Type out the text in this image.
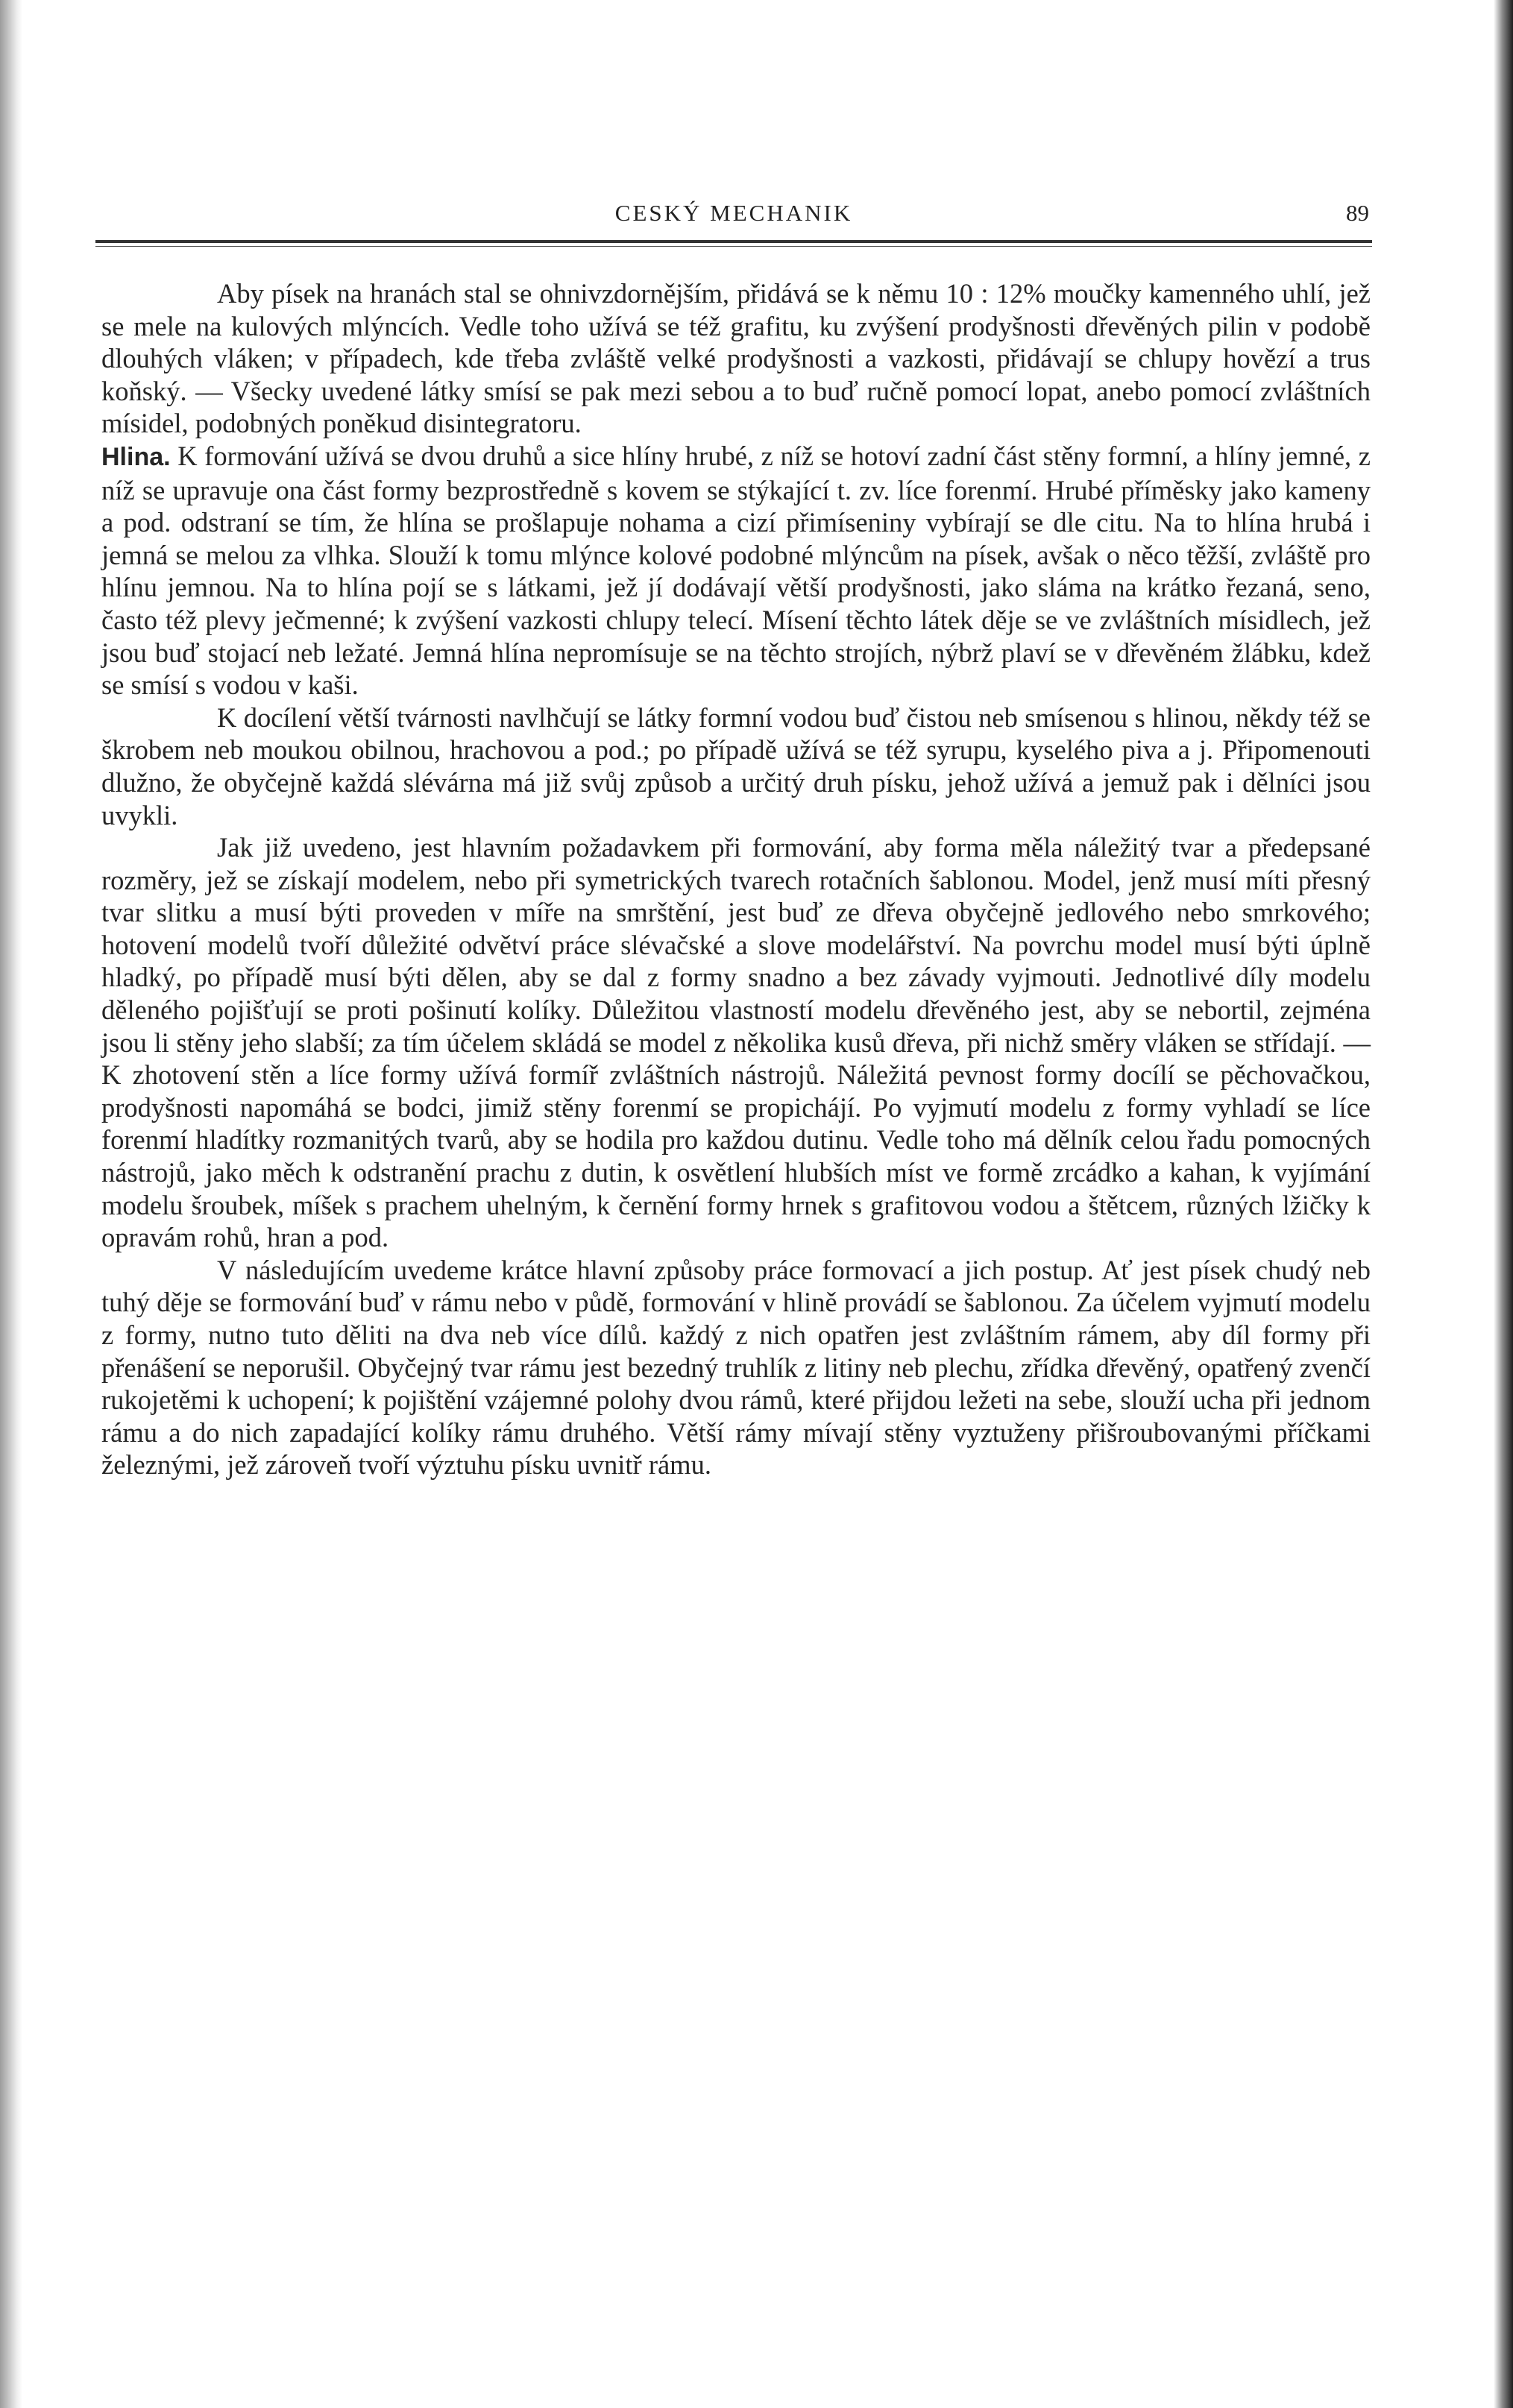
CESKÝ MECHANIK	89

Aby písek na hranách stal se ohnivzdornějším, přidává se k němu 10 : 12% moučky kamenného uhlí, jež se mele na kulových mlýncích. Vedle toho užívá se též grafitu, ku zvýšení prodyšnosti dřevěných pilin v podobě dlouhých vláken; v případech, kde třeba zvláště velké prodyšnosti a vazkosti, přidávají se chlupy hovězí a trus koňský. — Všecky uvedené látky smísí se pak mezi sebou a to buď ručně pomocí lopat, anebo pomocí zvláštních mísidel, podobných poněkud disintegratoru.

Hlina. K formování užívá se dvou druhů a sice hlíny hrubé, z níž se hotoví zadní část stěny formní, a hlíny jemné, z níž se upravuje ona část formy bezprostředně s kovem se stýkající t. zv. líce forenmí. Hrubé příměsky jako kameny a pod. odstraní se tím, že hlína se prošlapuje nohama a cizí přimíseniny vybírají se dle citu. Na to hlína hrubá i jemná se melou za vlhka. Slouží k tomu mlýnce kolové podobné mlýncům na písek, avšak o něco těžší, zvláště pro hlínu jemnou. Na to hlína pojí se s látkami, jež jí dodávají větší prodyšnosti, jako sláma na krátko řezaná, seno, často též plevy ječmenné; k zvýšení vazkosti chlupy telecí. Mísení těchto látek děje se ve zvláštních mísidlech, jež jsou buď stojací neb ležaté. Jemná hlína nepromísuje se na těchto strojích, nýbrž plaví se v dřevěném žlábku, kdež se smísí s vodou v kaši.

K docílení větší tvárnosti navlhčují se látky formní vodou buď čistou neb smísenou s hlinou, někdy též se škrobem neb moukou obilnou, hrachovou a pod.; po případě užívá se též syrupu, kyselého piva a j. Připomenouti dlužno, že obyčejně každá slévárna má již svůj způsob a určitý druh písku, jehož užívá a jemuž pak i dělníci jsou uvykli.

Jak již uvedeno, jest hlavním požadavkem při formování, aby forma měla náležitý tvar a předepsané rozměry, jež se získají modelem, nebo při symetrických tvarech rotačních šablonou. Model, jenž musí míti přesný tvar slitku a musí býti proveden v míře na smrštění, jest buď ze dřeva obyčejně jedlového nebo smrkového; hotovení modelů tvoří důležité odvětví práce slévačské a slove modelářství. Na povrchu model musí býti úplně hladký, po případě musí býti dělen, aby se dal z formy snadno a bez závady vyjmouti. Jednotlivé díly modelu děleného pojišťují se proti pošinutí kolíky. Důležitou vlastností modelu dřevěného jest, aby se nebortil, zejména jsou li stěny jeho slabší; za tím účelem skládá se model z několika kusů dřeva, při nichž směry vláken se střídají. — K zhotovení stěn a líce formy užívá formíř zvláštních nástrojů. Náležitá pevnost formy docílí se pěchovačkou, prodyšnosti napomáhá se bodci, jimiž stěny forenmí se propichájí. Po vyjmutí modelu z formy vyhladí se líce forenmí hladítky rozmanitých tvarů, aby se hodila pro každou dutinu. Vedle toho má dělník celou řadu pomocných nástrojů, jako měch k odstranění prachu z dutin, k osvětlení hlubších míst ve formě zrcádko a kahan, k vyjímání modelu šroubek, míšek s prachem uhelným, k černění formy hrnek s grafitovou vodou a štětcem, různých lžičky k opravám rohů, hran a pod.

V následujícím uvedeme krátce hlavní způsoby práce formovací a jich postup. Ať jest písek chudý neb tuhý děje se formování buď v rámu nebo v půdě, formování v hlině provádí se šablonou. Za účelem vyjmutí modelu z formy, nutno tuto děliti na dva neb více dílů. každý z nich opatřen jest zvláštním rámem, aby díl formy při přenášení se neporušil. Obyčejný tvar rámu jest bezedný truhlík z litiny neb plechu, zřídka dřevěný, opatřený zvenčí rukojetěmi k uchopení; k pojištění vzájemné polohy dvou rámů, které přijdou ležeti na sebe, slouží ucha při jednom rámu a do nich zapadající kolíky rámu druhého. Větší rámy mívají stěny vyztuženy přišroubovanými příčkami železnými, jež zároveň tvoří výztuhu písku uvnitř rámu.
